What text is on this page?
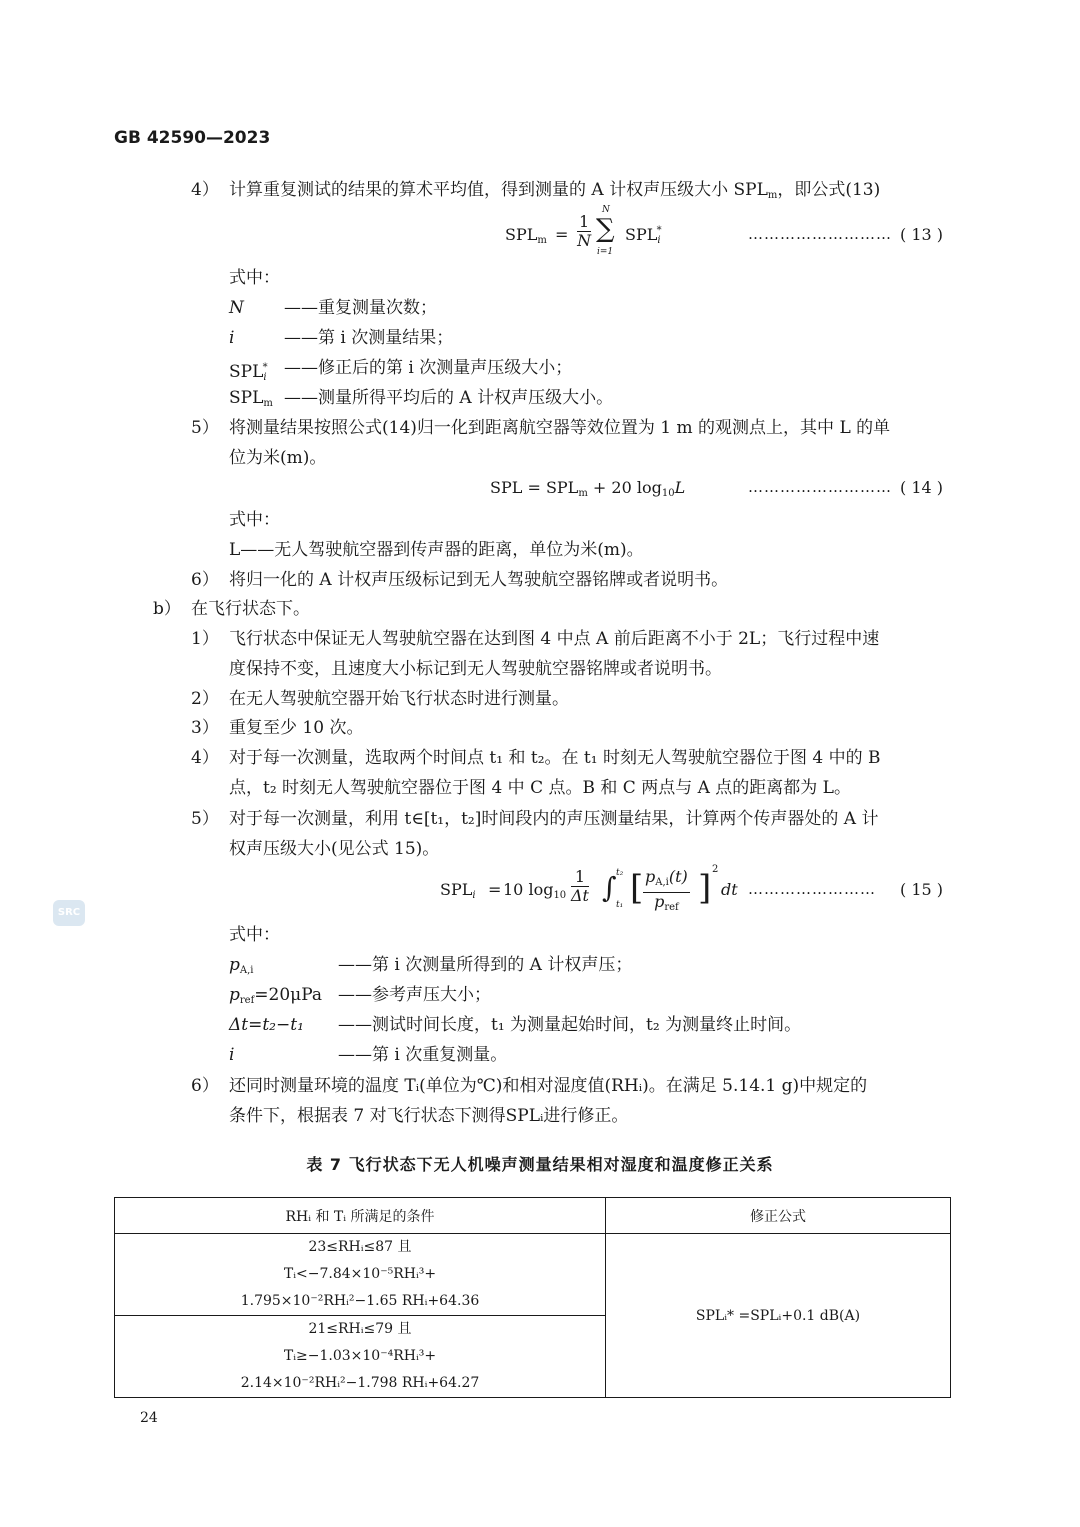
GB 42590—2023
4） 计算重复测试的结果的算术平均值，得到测量的 A 计权声压级大小 $SPL_m$，即公式(13)
$SPL_m = \frac{1}{N}$
N
∑
i=1
$SPL_i^*$	……………………… ( 13 )
式中：
N ——重复测量次数；
i	——第 i 次测量结果；
$SPL_i^*$ ——修正后的第 i 次测量声压级大小；
$SPL_m$ ——测量所得平均后的 A 计权声压级大小。
5） 将测量结果按照公式(14)归一化到距离航空器等效位置为 1 m 的观测点上，其中 L 的单
位为米(m)。
SPL = $SPL_m + 20$ $\log_{10}L$	……………………… ( 14 )
式中：
L——无人驾驶航空器到传声器的距离，单位为米(m)。
6） 将归一化的 A 计权声压级标记到无人驾驶航空器铭牌或者说明书。
b） 在飞行状态下。
1） 飞行状态中保证无人驾驶航空器在达到图 4 中点 A 前后距离不小于 2L；飞行过程中速
度保持不变，且速度大小标记到无人驾驶航空器铭牌或者说明书。
2） 在无人驾驶航空器开始飞行状态时进行测量。
3） 重复至少 10 次。
4） 对于每一次测量，选取两个时间点 t₁ 和 t₂。在 t₁ 时刻无人驾驶航空器位于图 4 中的 B
点，t₂ 时刻无人驾驶航空器位于图 4 中 C 点。B 和 C 两点与 A 点的距离都为 L。
5） 对于每一次测量，利用 t∈[t₁，t₂]时间段内的声压测量结果，计算两个传声器处的 A 计
权声压级大小(见公式 15)。
$SPL_i = 10$ $\log_{10} \frac{1}{\Delta t}$	t₂
∫
t₁ [ $p_{A,i}(t)$
$p_{ref}$ ] 2
dt …………………… ( 15 )
SRC
式中：
$p_{A,i}$	——第 i 次测量所得到的 A 计权声压；
$p_{ref}=20\mu Pa$ ——参考声压大小；
Δt=t₂−t₁ ——测试时间长度，t₁ 为测量起始时间，t₂ 为测量终止时间。
i	——第 i 次重复测量。
6） 还同时测量环境的温度 Tᵢ(单位为℃)和相对湿度值(RHᵢ)。在满足 5.14.1 g)中规定的
条件下，根据表 7 对飞行状态下测得SPLᵢ进行修正。
表 7 飞行状态下无人机噪声测量结果相对湿度和温度修正关系
RHᵢ 和 Tᵢ 所满足的条件	修正公式

23≤RHᵢ≤87 且
Tᵢ<−7.84×10⁻⁵RHᵢ³+
1.795×10⁻²RHᵢ²−1.65 RHᵢ+64.36	SPLᵢ* =SPLᵢ+0.1 dB(A)

21≤RHᵢ≤79 且
Tᵢ≥−1.03×10⁻⁴RHᵢ³+
2.14×10⁻²RHᵢ²−1.798 RHᵢ+64.27	
24
